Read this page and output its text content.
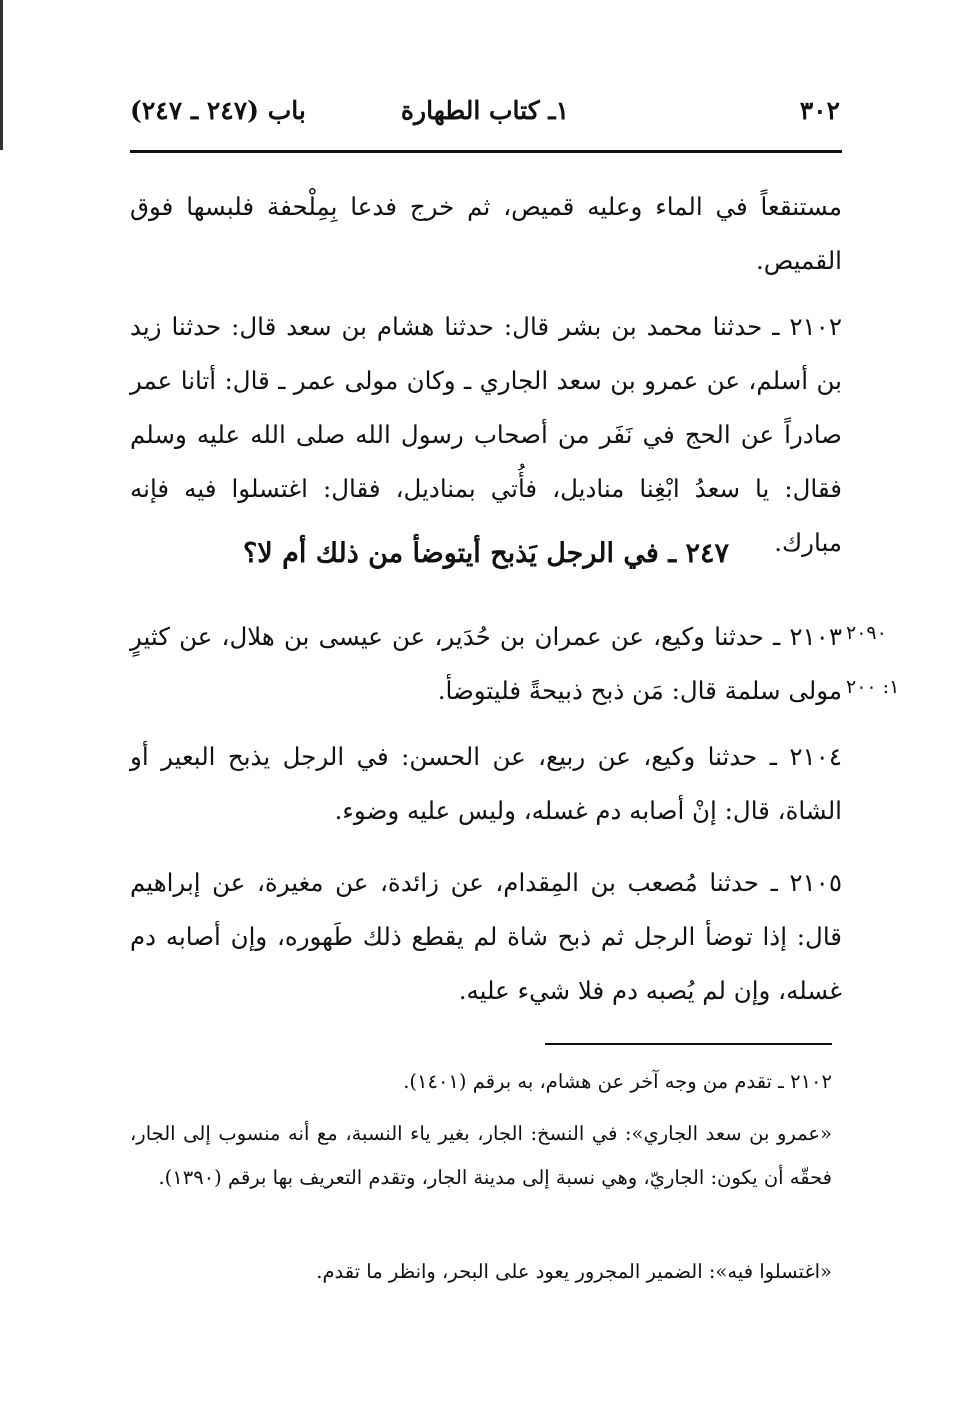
باب (٢٤٧ ـ ٢٤٧)	١ـ كتاب الطهارة	٣٠٢
مستنقعاً في الماء وعليه قميص، ثم خرج فدعا بِمِلْحفة فلبسها فوق القميص.
٢١٠٢ ـ حدثنا محمد بن بشر قال: حدثنا هشام بن سعد قال: حدثنا زيد بن أسلم، عن عمرو بن سعد الجاري ـ وكان مولى عمر ـ قال: أتانا عمر صادراً عن الحج في نَفَر من أصحاب رسول الله صلى الله عليه وسلم فقال: يا سعدُ ابْغِنا مناديل، فأُتي بمناديل، فقال: اغتسلوا فيه فإنه مبارك.
٢٤٧ ـ في الرجل يَذبح أيتوضأ من ذلك أم لا؟
٢٠٩٠
١: ٢٠٠
٢١٠٣ ـ حدثنا وكيع، عن عمران بن حُدَير، عن عيسى بن هلال، عن كثيرٍ مولى سلمة قال: مَن ذبح ذبيحةً فليتوضأ.
٢١٠٤ ـ حدثنا وكيع، عن ربيع، عن الحسن: في الرجل يذبح البعير أو الشاة، قال: إنْ أصابه دم غسله، وليس عليه وضوء.
٢١٠٥ ـ حدثنا مُصعب بن المِقدام، عن زائدة، عن مغيرة، عن إبراهيم قال: إذا توضأ الرجل ثم ذبح شاة لم يقطع ذلك طَهوره، وإن أصابه دم غسله، وإن لم يُصبه دم فلا شيء عليه.
٢١٠٢ ـ تقدم من وجه آخر عن هشام، به برقم (١٤٠١).
«عمرو بن سعد الجاري»: في النسخ: الجار، بغير ياء النسبة، مع أنه منسوب إلى الجار، فحقّه أن يكون: الجاريّ، وهي نسبة إلى مدينة الجار، وتقدم التعريف بها برقم (١٣٩٠).
«اغتسلوا فيه»: الضمير المجرور يعود على البحر، وانظر ما تقدم.
